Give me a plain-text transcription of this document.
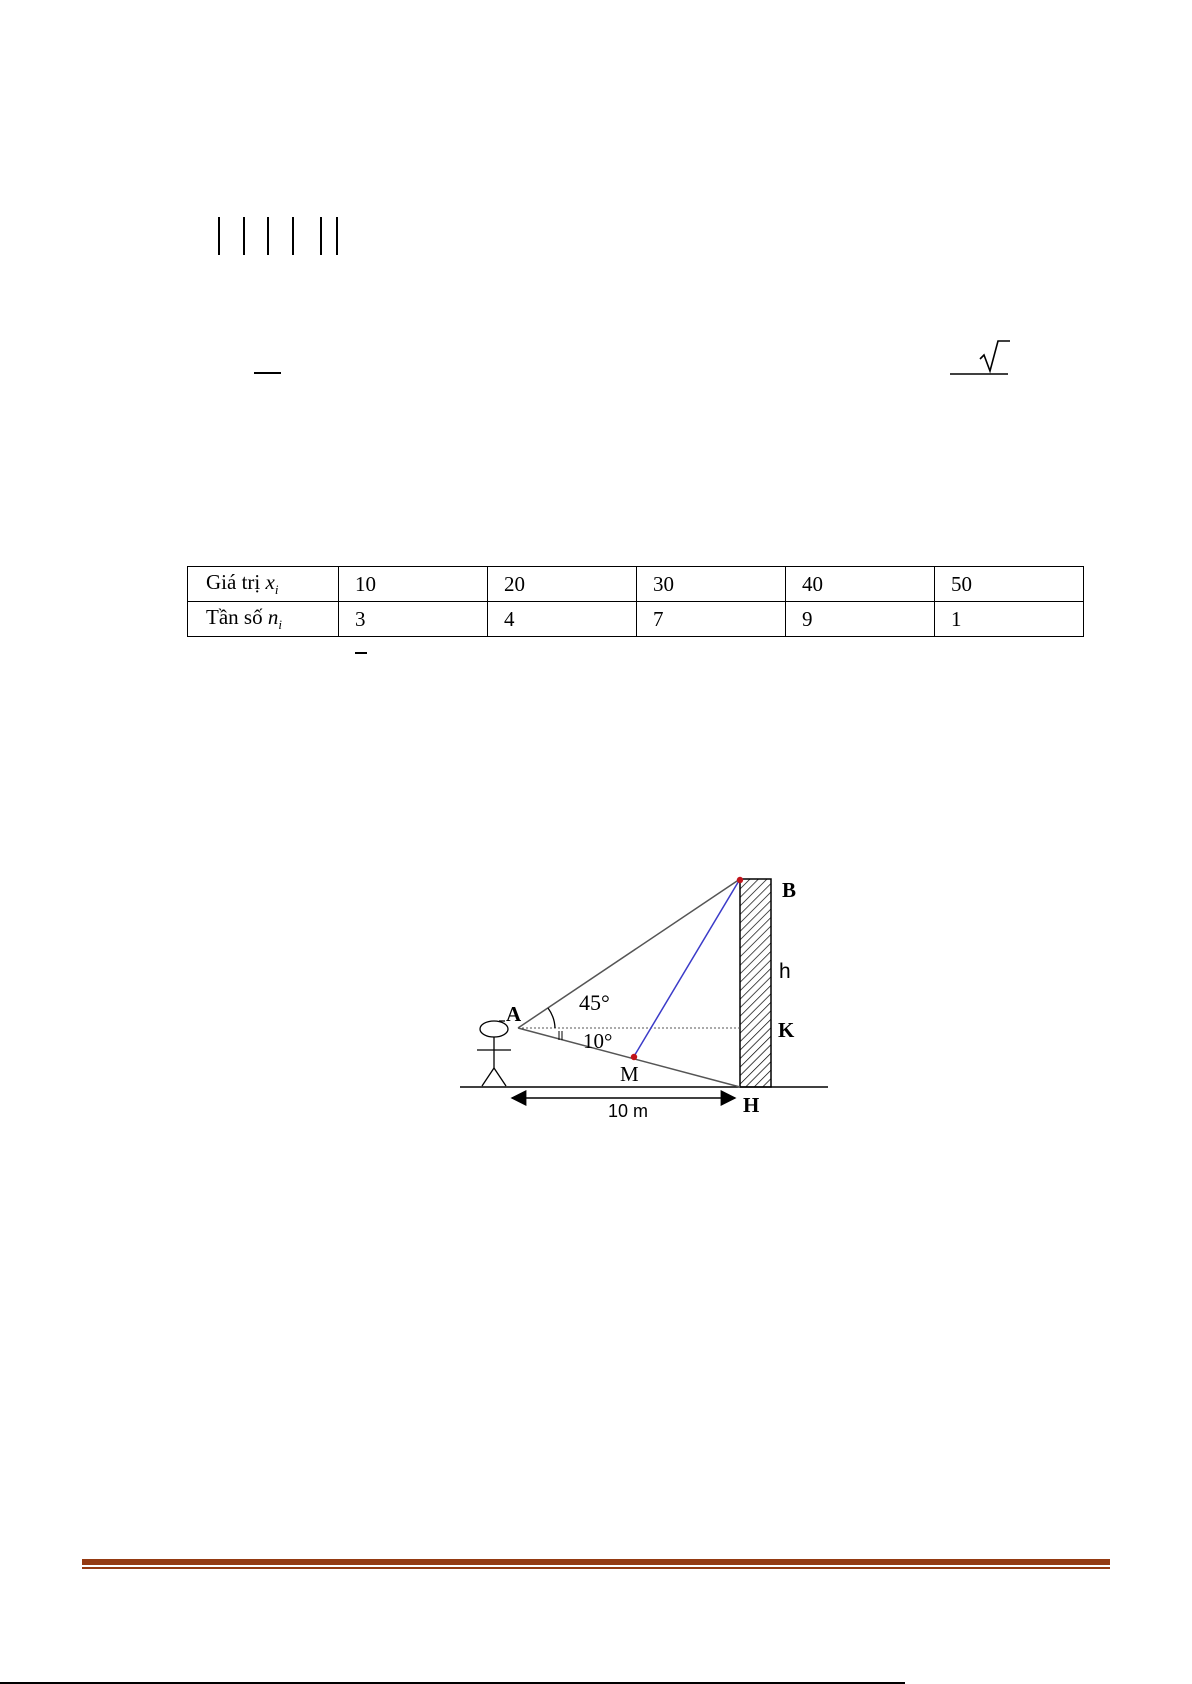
Giá trị $x_i$	10	20	30	40	50
Tần số $n_i$	3	4	7	9	1
A
B
h
K
H
M
45°
10°
10 m
